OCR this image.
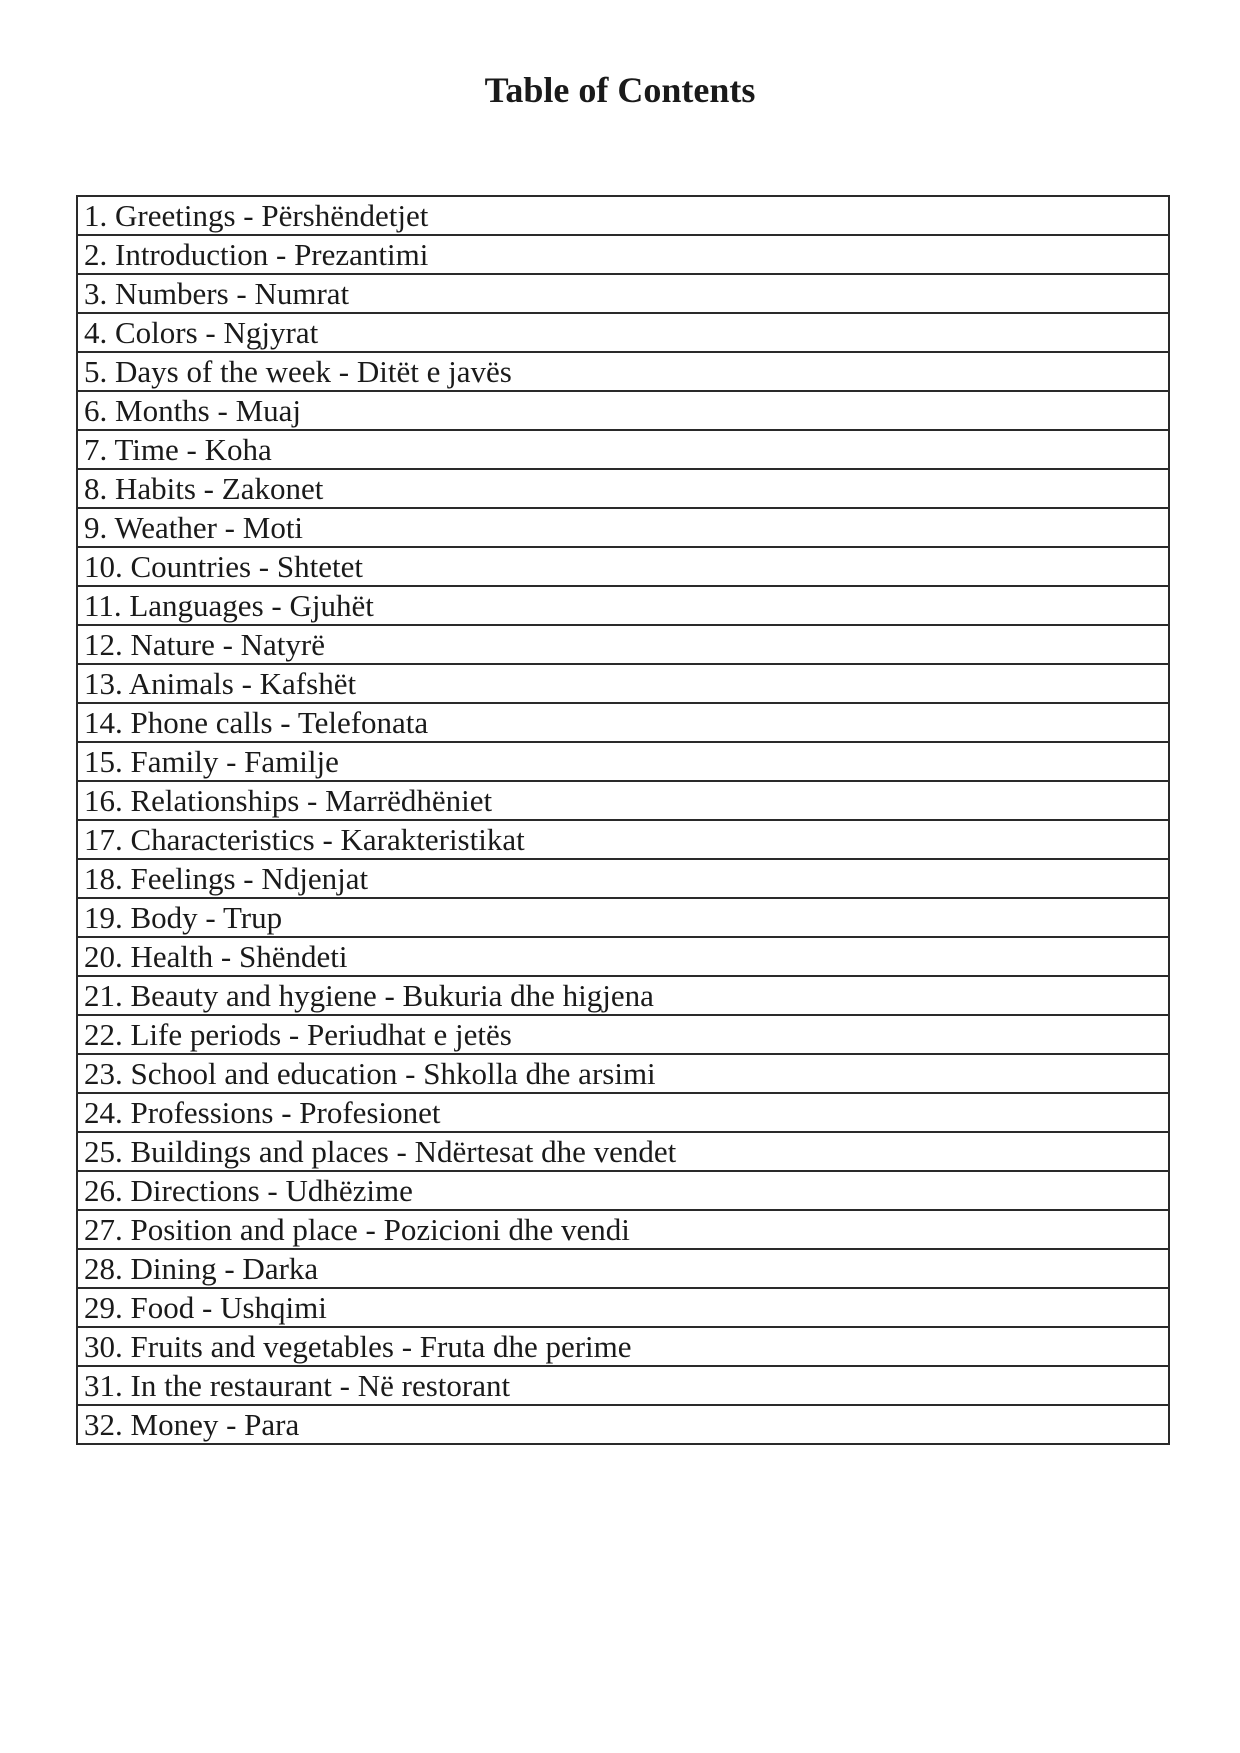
Table of Contents
1. Greetings - Përshëndetjet
2. Introduction - Prezantimi
3. Numbers - Numrat
4. Colors - Ngjyrat
5. Days of the week - Ditët e javës
6. Months - Muaj
7. Time - Koha
8. Habits - Zakonet
9. Weather - Moti
10. Countries - Shtetet
11. Languages - Gjuhët
12. Nature - Natyrë
13. Animals - Kafshët
14. Phone calls - Telefonata
15. Family - Familje
16. Relationships - Marrëdhëniet
17. Characteristics - Karakteristikat
18. Feelings - Ndjenjat
19. Body - Trup
20. Health - Shëndeti
21. Beauty and hygiene - Bukuria dhe higjena
22. Life periods - Periudhat e jetës
23. School and education - Shkolla dhe arsimi
24. Professions - Profesionet
25. Buildings and places - Ndërtesat dhe vendet
26. Directions - Udhëzime
27. Position and place - Pozicioni dhe vendi
28. Dining - Darka
29. Food - Ushqimi
30. Fruits and vegetables - Fruta dhe perime
31. In the restaurant - Në restorant
32. Money - Para
